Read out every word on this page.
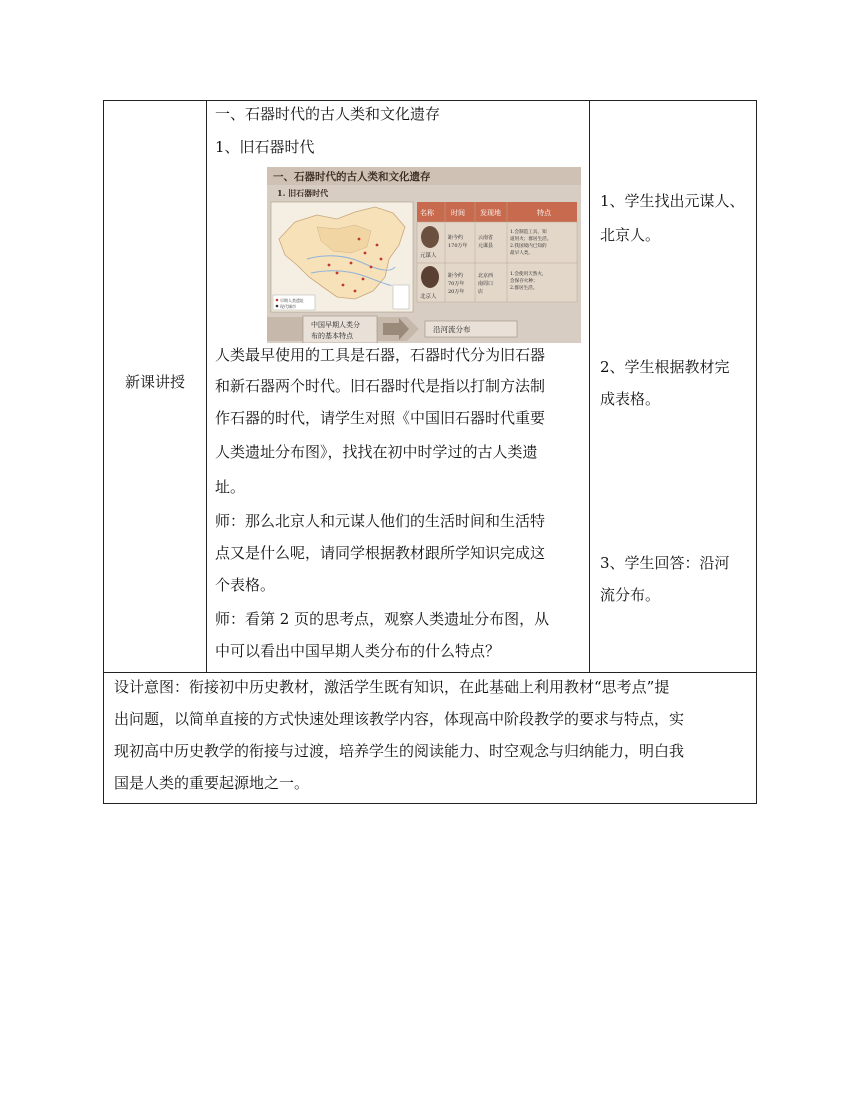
新课讲授
一、石器时代的古人类和文化遗存
1、旧石器时代
一、石器时代的古人类和文化遗存
1. 旧石器时代
早期人类遗址
现代城市
名称 时间 发现地	特点
元谋人
北京人
距今约 170万年
距今约 70万年 20万年
云南省元谋县
北京西南周口店
1.会制造工具，知道用火；群居生活。 2.我国境内已知的最早人类。
1.会使用天然火，会保存火种； 2.群居生活。
中国早期人类分布的基本特点
沿河流分布
人类最早使用的工具是石器，石器时代分为旧石器
和新石器两个时代。旧石器时代是指以打制方法制
作石器的时代，请学生对照《中国旧石器时代重要
人类遗址分布图》，找找在初中时学过的古人类遗
址。
师：那么北京人和元谋人他们的生活时间和生活特
点又是什么呢，请同学根据教材跟所学知识完成这
个表格。
师：看第 2 页的思考点，观察人类遗址分布图，从
中可以看出中国早期人类分布的什么特点？
1、学生找出元谋人、
北京人。
2、学生根据教材完
成表格。
3、学生回答：沿河
流分布。
设计意图：衔接初中历史教材，激活学生既有知识，在此基础上利用教材“思考点”提
出问题，以简单直接的方式快速处理该教学内容，体现高中阶段教学的要求与特点，实
现初高中历史教学的衔接与过渡，培养学生的阅读能力、时空观念与归纳能力，明白我
国是人类的重要起源地之一。
